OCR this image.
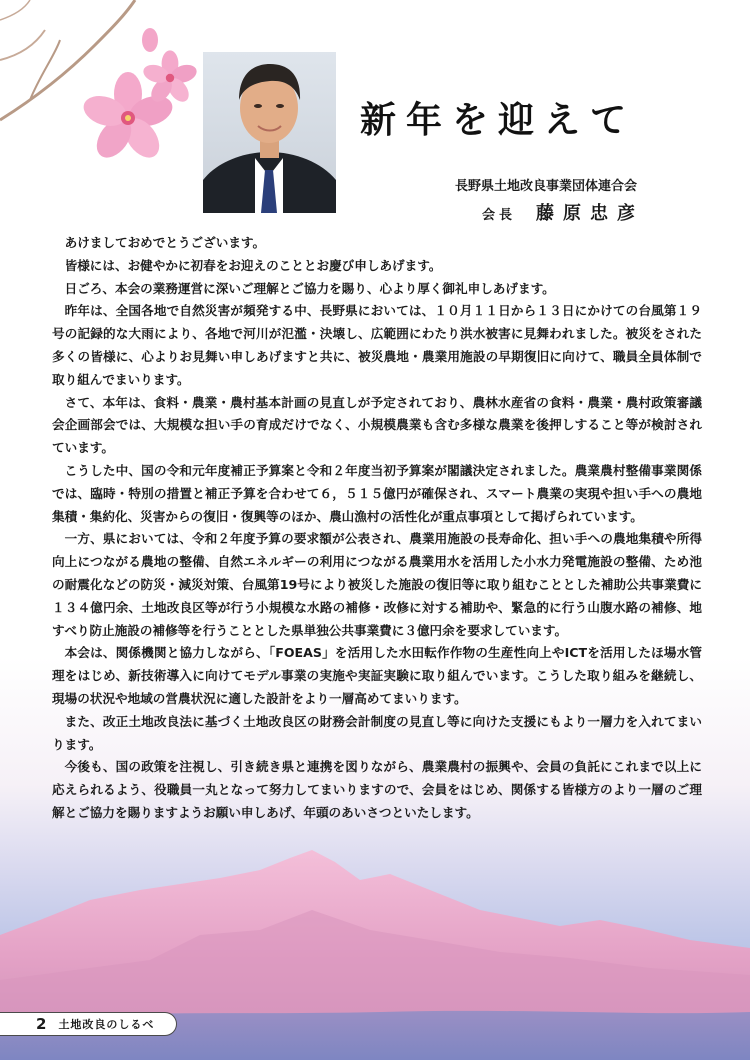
新年を迎えて
長野県土地改良事業団体連合会
会長 藤原忠彦

あけましておめでとうございます。

皆様には、お健やかに初春をお迎えのこととお慶び申しあげます。

日ごろ、本会の業務運営に深いご理解とご協力を賜り、心より厚く御礼申しあげます。

昨年は、全国各地で自然災害が頻発する中、長野県においては、１０月１１日から１３日にかけての台風第１９号の記録的な大雨により、各地で河川が氾濫・決壊し、広範囲にわたり洪水被害に見舞われました。被災をされた多くの皆様に、心よりお見舞い申しあげますと共に、被災農地・農業用施設の早期復旧に向けて、職員全員体制で取り組んでまいります。

さて、本年は、食料・農業・農村基本計画の見直しが予定されており、農林水産省の食料・農業・農村政策審議会企画部会では、大規模な担い手の育成だけでなく、小規模農業も含む多様な農業を後押しすること等が検討されています。

こうした中、国の令和元年度補正予算案と令和２年度当初予算案が閣議決定されました。農業農村整備事業関係では、臨時・特別の措置と補正予算を合わせて６，５１５億円が確保され、スマート農業の実現や担い手への農地集積・集約化、災害からの復旧・復興等のほか、農山漁村の活性化が重点事項として掲げられています。

一方、県においては、令和２年度予算の要求額が公表され、農業用施設の長寿命化、担い手への農地集積や所得向上につながる農地の整備、自然エネルギーの利用につながる農業用水を活用した小水力発電施設の整備、ため池の耐震化などの防災・減災対策、台風第19号により被災した施設の復旧等に取り組むこととした補助公共事業費に１３４億円余、土地改良区等が行う小規模な水路の補修・改修に対する補助や、緊急的に行う山腹水路の補修、地すべり防止施設の補修等を行うこととした県単独公共事業費に３億円余を要求しています。

本会は、関係機関と協力しながら、「FOEAS」を活用した水田転作作物の生産性向上やICTを活用したほ場水管理をはじめ、新技術導入に向けてモデル事業の実施や実証実験に取り組んでいます。こうした取り組みを継続し、現場の状況や地域の営農状況に適した設計をより一層高めてまいります。

また、改正土地改良法に基づく土地改良区の財務会計制度の見直し等に向けた支援にもより一層力を入れてまいります。

今後も、国の政策を注視し、引き続き県と連携を図りながら、農業農村の振興や、会員の負託にこれまで以上に応えられるよう、役職員一丸となって努力してまいりますので、会員をはじめ、関係する皆様方のより一層のご理解とご協力を賜りますようお願い申しあげ、年頭のあいさつといたします。

2 土地改良のしるべ
